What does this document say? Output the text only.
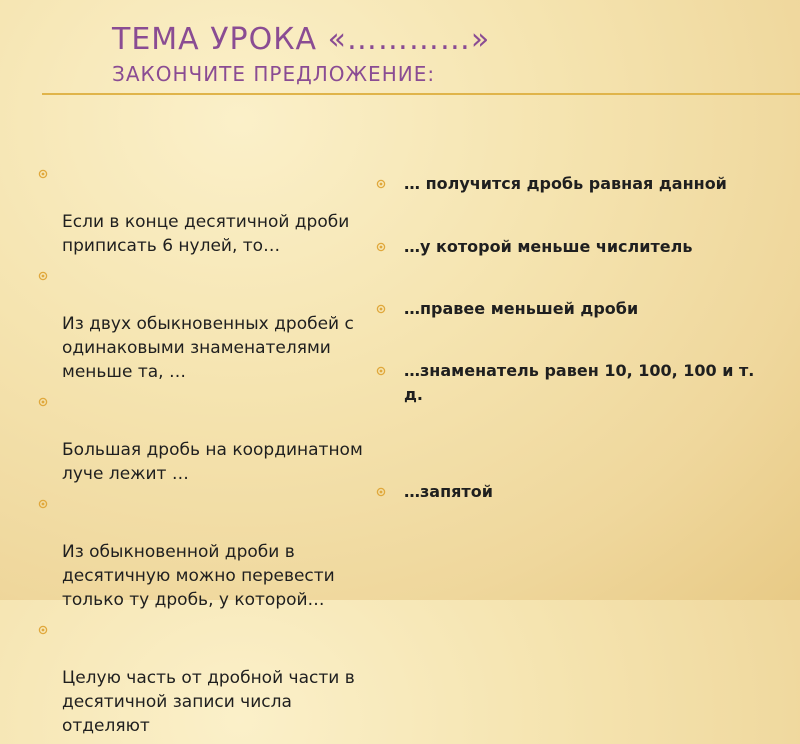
ТЕМА УРОКА «…………»
ЗАКОНЧИТЕ ПРЕДЛОЖЕНИЕ:

Если в конце десятичной дроби приписать 6 нулей, то…

Из двух обыкновенных дробей с одинаковыми знаменателями меньше та, …

Большая дробь на координатном луче лежит …

Из обыкновенной дроби в десятичную можно перевести только ту дробь, у которой…

Целую часть от дробной части в десятичной записи числа отделяют

… получится дробь равная данной
…у которой меньше числитель
…правее меньшей дроби
…знаменатель равен 10, 100, 100 и т.
д.
…запятой
